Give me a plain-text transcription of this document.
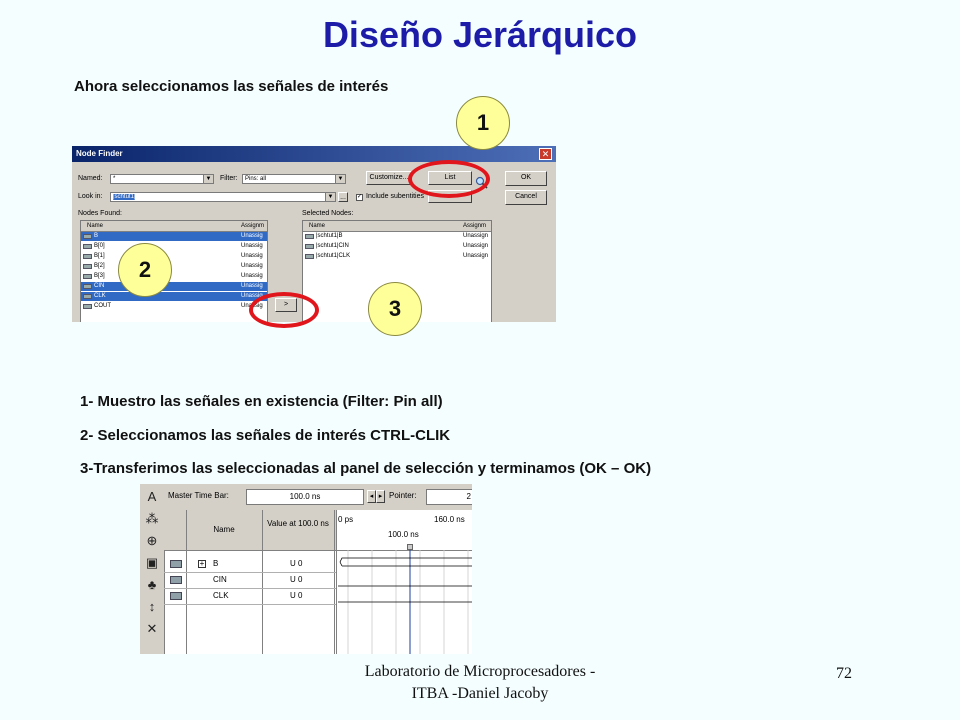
Diseño Jerárquico
Ahora seleccionamos las señales de interés
Node Finder	✕
Named:	*	▼ Filter:	Pins: all	▼	Customize...	List	OK
Cancel
Look in:	|schtut1|	▼ ...	✓ Include subentities
Nodes Found:	Selected Nodes:
Name	Assignm
B	Unassig
B[0]	Unassig
B[1]	Unassig
B[2]	Unassig
B[3]	Unassig
CIN	Unassig
CLK	Unassig
COUT	Unassig	>
Name	Assignm
|schtut1|B	Unassign
|schtut1|CIN	Unassign
|schtut1|CLK	Unassign
1
2
3
1- Muestro las señales en existencia (Filter: Pin all)
2- Seleccionamos las señales de interés CTRL-CLIK
3-Transferimos las seleccionadas al panel de selección y terminamos (OK – OK)
A
⁂
⊕
▣
♣
↕
✕
Master Time Bar:	100.0 ns	◂ ▸ Pointer:	2
Name
Value at 100.0 ns	0 ps	160.0 ns
100.0 ns
+ B	U 0
CIN	U 0
CLK	U 0
Laboratorio de Microprocesadores -
ITBA -Daniel Jacoby
72
